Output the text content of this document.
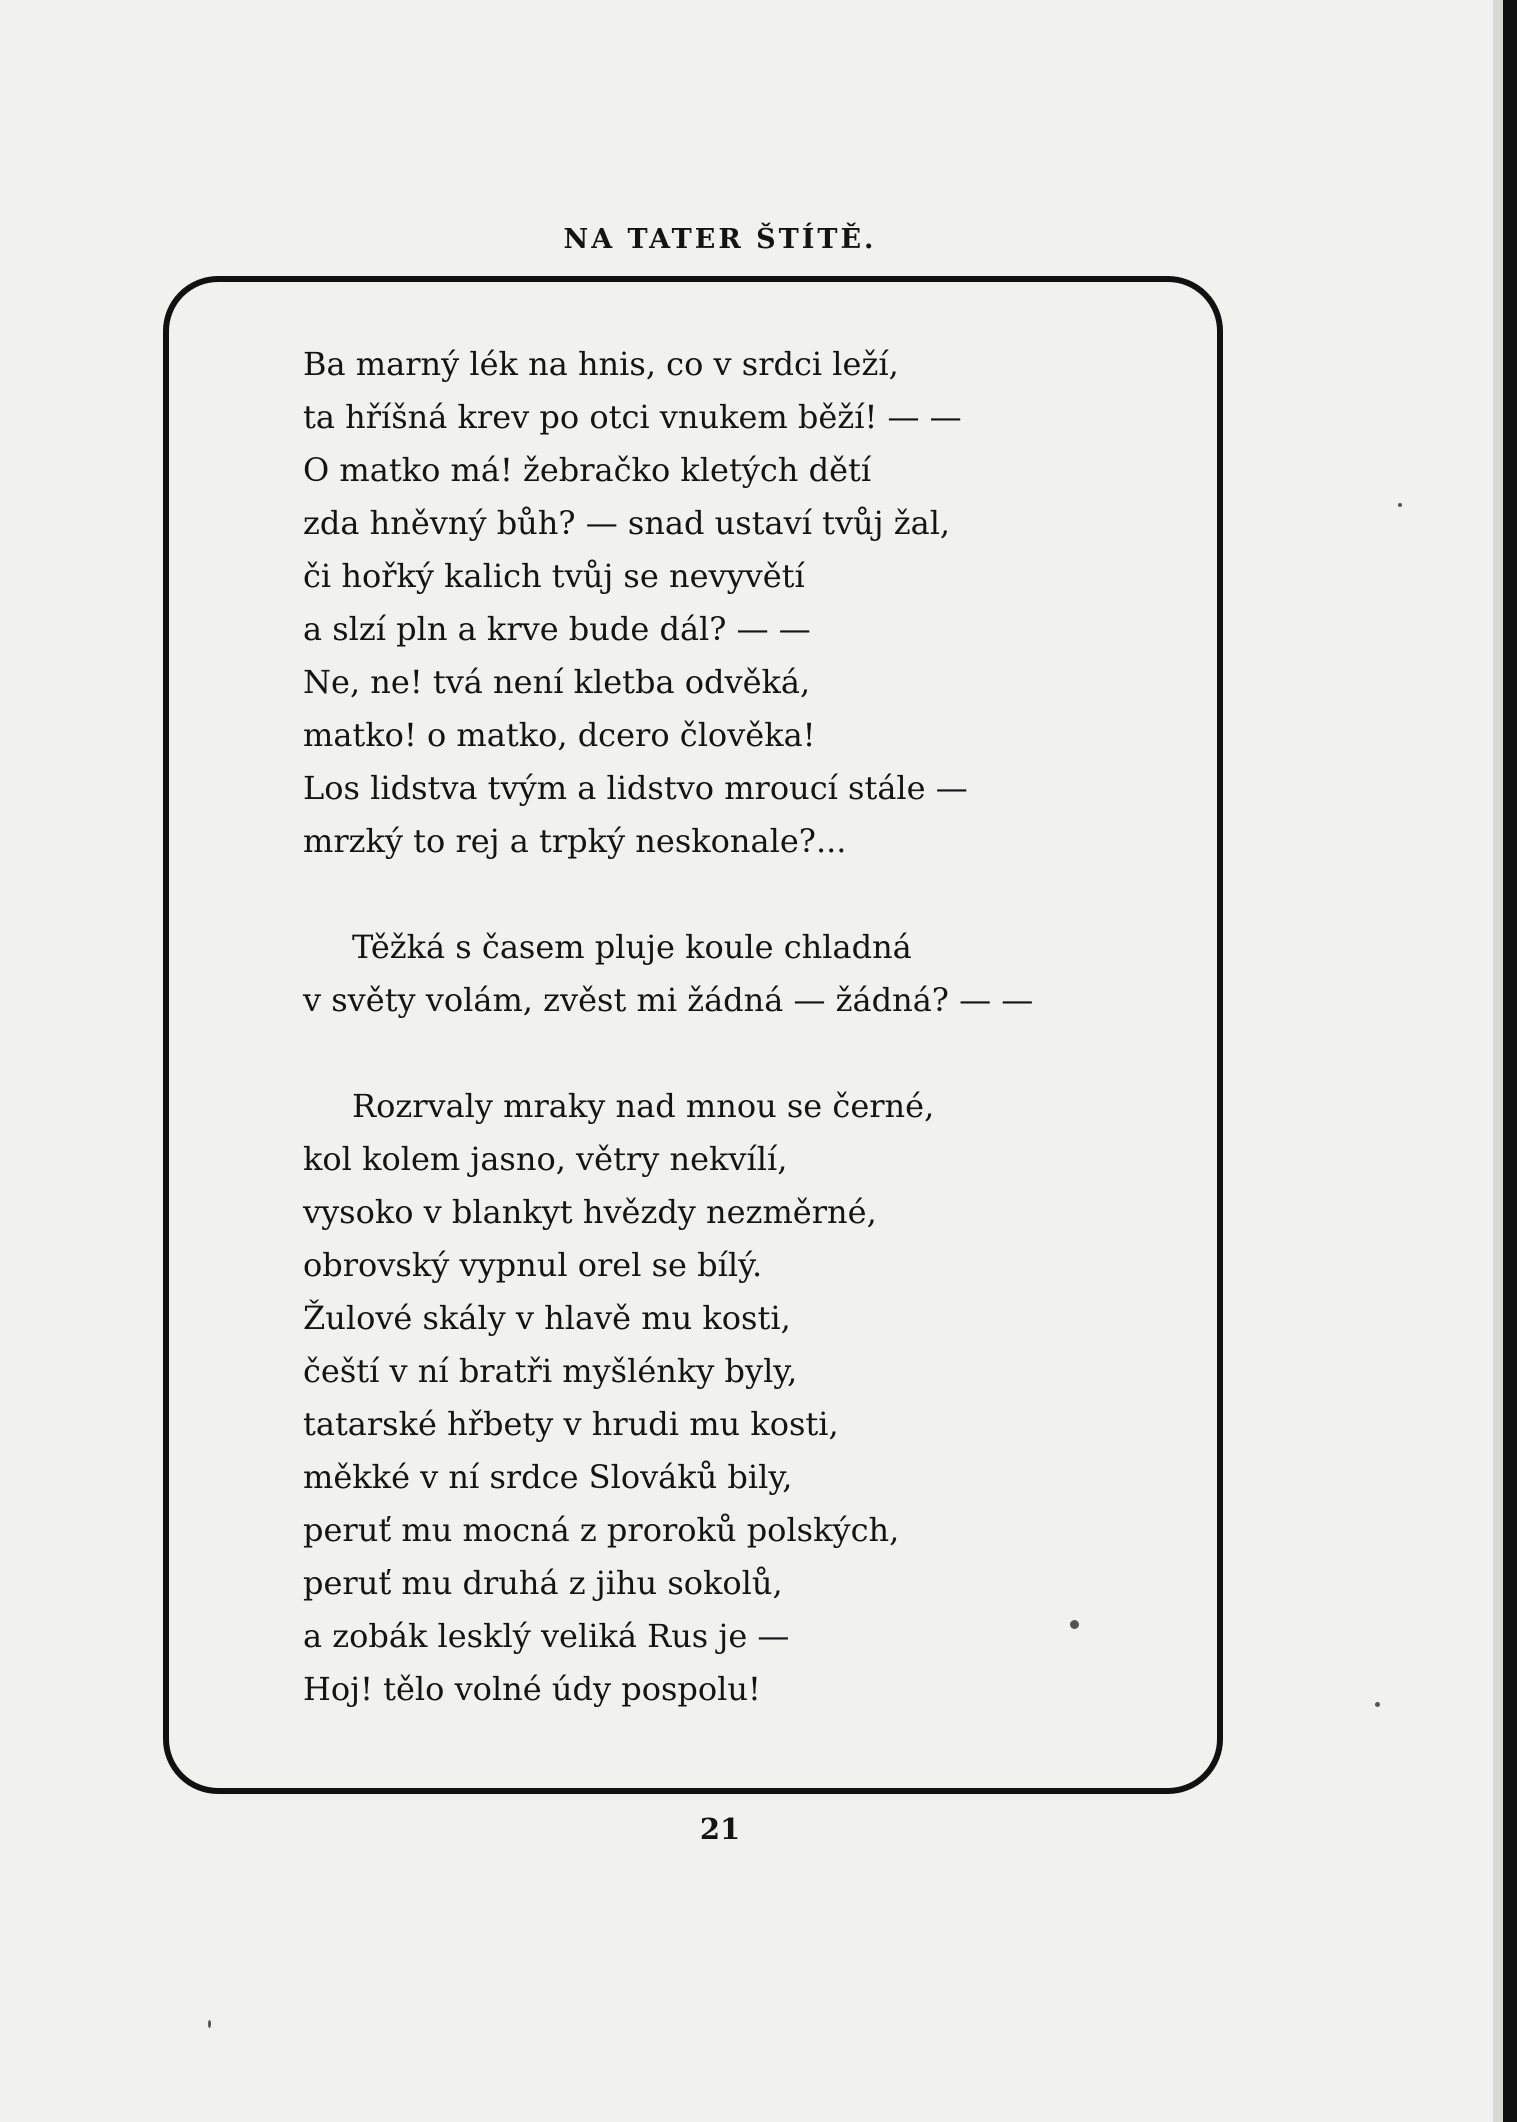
NA TATER ŠTÍTĚ.
Ba marný lék na hnis, co v srdci leží,
ta hříšná krev po otci vnukem běží! — —
O matko má! žebračko kletých dětí
zda hněvný bůh? — snad ustaví tvůj žal,
či hořký kalich tvůj se nevyvětí
a slzí pln a krve bude dál? — —
Ne, ne! tvá není kletba odvěká,
matko! o matko, dcero člověka!
Los lidstva tvým a lidstvo mroucí stále —
mrzký to rej a trpký neskonale?...
Těžká s časem pluje koule chladná
v světy volám, zvěst mi žádná — žádná? — —
Rozrvaly mraky nad mnou se černé,
kol kolem jasno, větry nekvílí,
vysoko v blankyt hvězdy nezměrné,
obrovský vypnul orel se bílý.
Žulové skály v hlavě mu kosti,
čeští v ní bratři myšlénky byly,
tatarské hřbety v hrudi mu kosti,
měkké v ní srdce Slováků bily,
peruť mu mocná z proroků polských,
peruť mu druhá z jihu sokolů,
a zobák lesklý veliká Rus je —
Hoj! tělo volné údy pospolu!
21
